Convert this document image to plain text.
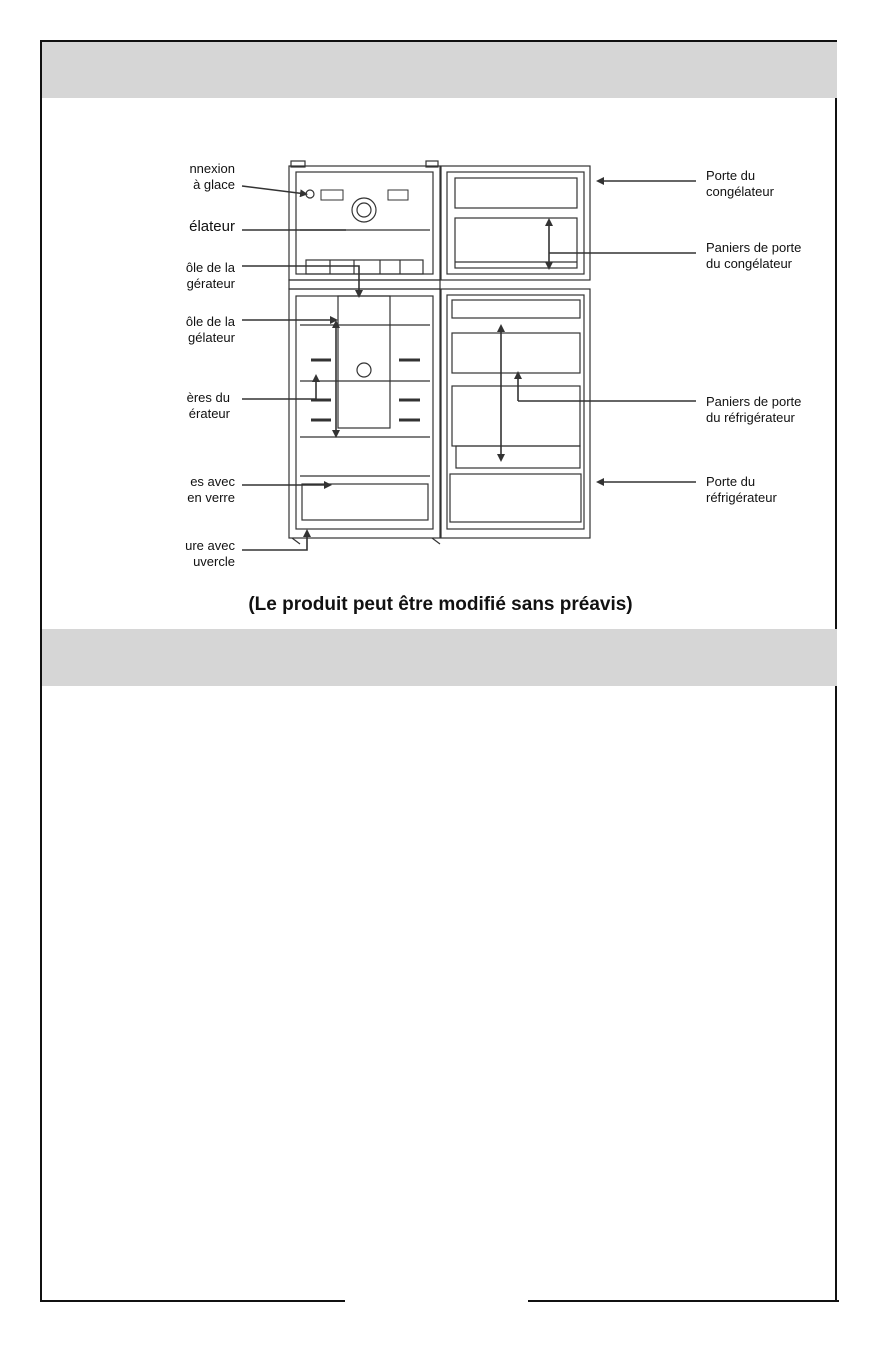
nnexion
à glace
élateur
ôle de la
gérateur
ôle de la
gélateur
ères du
érateur
es avec
en verre
ure avec
uvercle
Porte du
congélateur
Paniers de porte
du congélateur
Paniers de porte
du réfrigérateur
Porte du
réfrigérateur
(Le produit peut être modifié sans préavis)
